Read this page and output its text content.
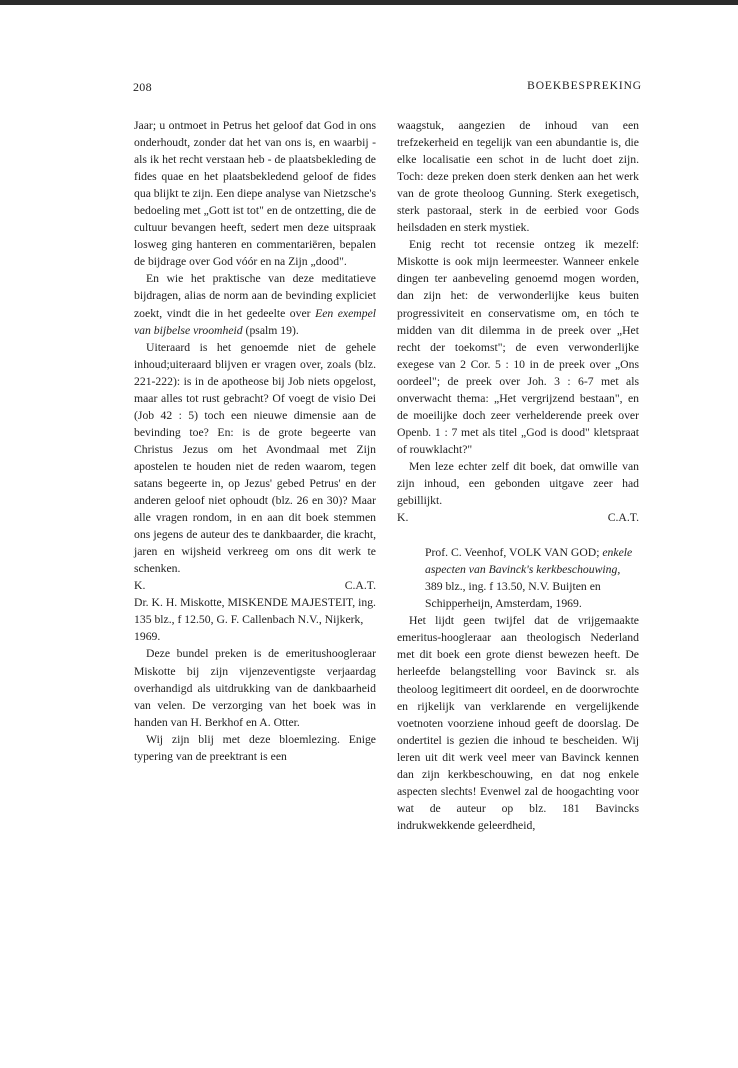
208	BOEKBESPREKING

Jaar; u ontmoet in Petrus het geloof dat God in ons onderhoudt, zonder dat het van ons is, en waarbij - als ik het recht verstaan heb - de plaatsbekleding de fides quae en het plaatsbekledend geloof de fides qua blijkt te zijn. Een diepe analyse van Nietzsche's bedoeling met „Gott ist tot" en de ontzetting, die de cultuur bevangen heeft, sedert men deze uitspraak losweg ging hanteren en commentariëren, bepalen de bijdrage over God vóór en na Zijn „dood".

En wie het praktische van deze meditatieve bijdragen, alias de norm aan de bevinding expliciet zoekt, vindt die in het gedeelte over Een exempel van bijbelse vroomheid (psalm 19).

Uiteraard is het genoemde niet de gehele inhoud;uiteraard blijven er vragen over, zoals (blz. 221-222): is in de apotheose bij Job niets opgelost, maar alles tot rust gebracht? Of voegt de visio Dei (Job 42 : 5) toch een nieuwe dimensie aan de bevinding toe? En: is de grote begeerte van Christus Jezus om het Avondmaal met Zijn apostelen te houden niet de reden waarom, tegen satans begeerte in, op Jezus' gebed Petrus' en der anderen geloof niet ophoudt (blz. 26 en 30)? Maar alle vragen rondom, in en aan dit boek stemmen ons jegens de auteur des te dankbaarder, die kracht, jaren en wijsheid verkreeg om ons dit werk te schenken.

K.	C.A.T.

Dr. K. H. Miskotte, MISKENDE MAJESTEIT, ing. 135 blz., f 12.50, G. F. Callenbach N.V., Nijkerk, 1969.

Deze bundel preken is de emeritushoogleraar Miskotte bij zijn vijenzeventigste verjaardag overhandigd als uitdrukking van de dankbaarheid van velen. De verzorging van het boek was in handen van H. Berkhof en A. Otter.

Wij zijn blij met deze bloemlezing. Enige typering van de preektrant is een

waagstuk, aangezien de inhoud van een trefzekerheid en tegelijk van een abundantie is, die elke localisatie een schot in de lucht doet zijn. Toch: deze preken doen sterk denken aan het werk van de grote theoloog Gunning. Sterk exegetisch, sterk pastoraal, sterk in de eerbied voor Gods heilsdaden en sterk mystiek.

Enig recht tot recensie ontzeg ik mezelf: Miskotte is ook mijn leermeester. Wanneer enkele dingen ter aanbeveling genoemd mogen worden, dan zijn het: de verwonderlijke keus buiten progressiviteit en conservatisme om, en tóch te midden van dit dilemma in de preek over „Het recht der toekomst"; de even verwonderlijke exegese van 2 Cor. 5 : 10 in de preek over „Ons oordeel"; de preek over Joh. 3 : 6-7 met als onverwacht thema: „Het vergrijzend bestaan", en de moeilijke doch zeer verhelderende preek over Openb. 1 : 7 met als titel „God is dood" kletspraat of rouwklacht?"

Men leze echter zelf dit boek, dat omwille van zijn inhoud, een gebonden uitgave zeer had gebillijkt.

K.	C.A.T.

Prof. C. Veenhof, VOLK VAN GOD; enkele aspecten van Bavinck's kerkbeschouwing, 389 blz., ing. f 13.50, N.V. Buijten en Schipperheijn, Amsterdam, 1969.

Het lijdt geen twijfel dat de vrijgemaakte emeritus-hoogleraar aan theologisch Nederland met dit boek een grote dienst bewezen heeft. De herleefde belangstelling voor Bavinck sr. als theoloog legitimeert dit oordeel, en de doorwrochte en rijkelijk van verklarende en vergelijkende voetnoten voorziene inhoud geeft de doorslag. De ondertitel is gezien die inhoud te bescheiden. Wij leren uit dit werk veel meer van Bavinck kennen dan zijn kerkbeschouwing, en dat nog enkele aspecten slechts! Evenwel zal de hoogachting voor wat de auteur op blz. 181 Bavincks indrukwekkende geleerdheid,
